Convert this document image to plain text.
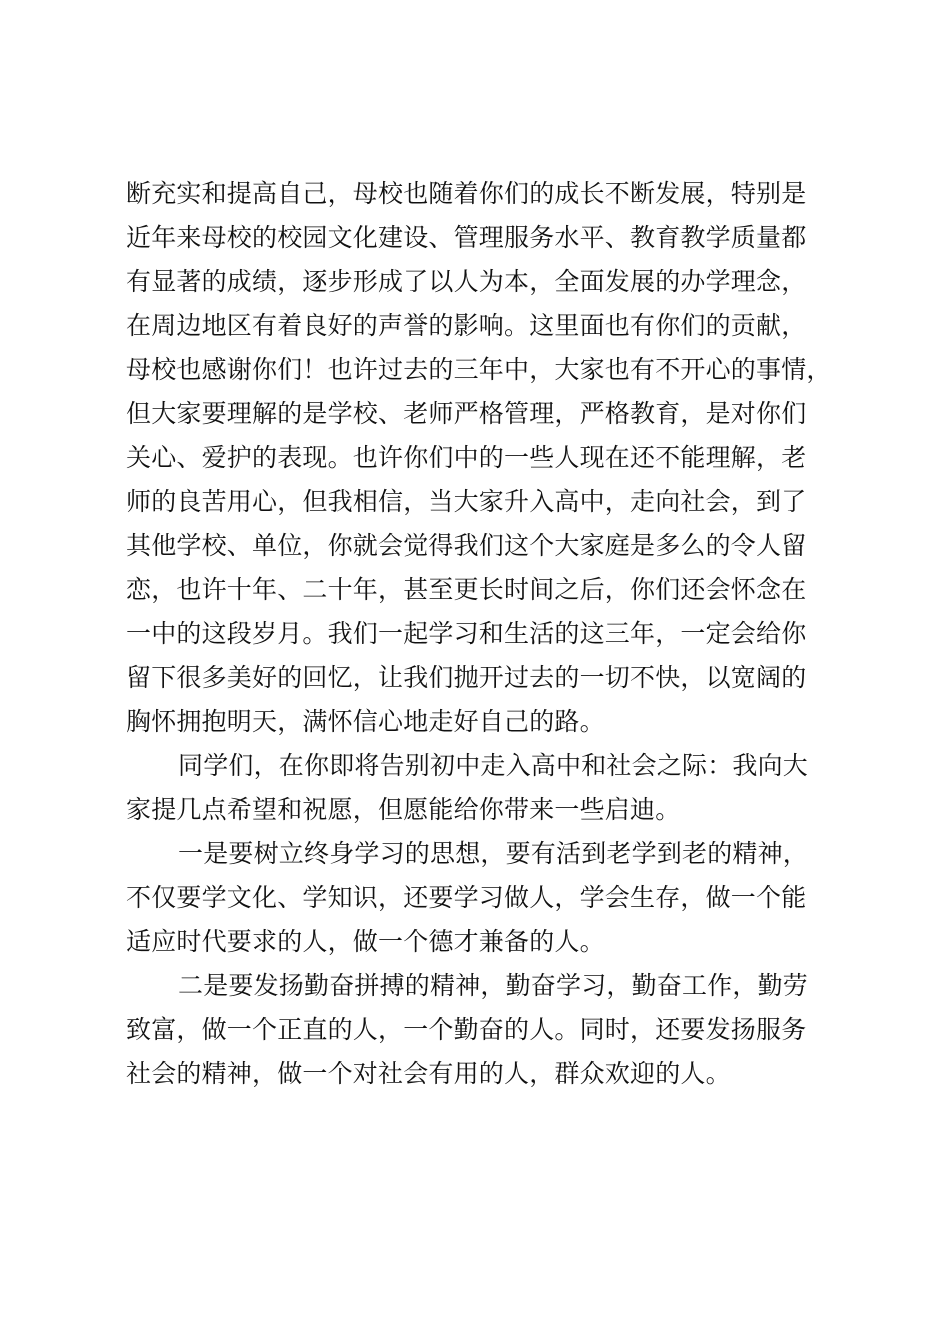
断充实和提高自己，母校也随着你们的成长不断发展，特别是
近年来母校的校园文化建设、管理服务水平、教育教学质量都
有显著的成绩，逐步形成了以人为本，全面发展的办学理念，
在周边地区有着良好的声誉的影响。这里面也有你们的贡献，
母校也感谢你们！也许过去的三年中，大家也有不开心的事情，
但大家要理解的是学校、老师严格管理，严格教育，是对你们
关心、爱护的表现。也许你们中的一些人现在还不能理解，老
师的良苦用心，但我相信，当大家升入高中，走向社会，到了
其他学校、单位，你就会觉得我们这个大家庭是多么的令人留
恋，也许十年、二十年，甚至更长时间之后，你们还会怀念在
一中的这段岁月。我们一起学习和生活的这三年，一定会给你
留下很多美好的回忆，让我们抛开过去的一切不快，以宽阔的
胸怀拥抱明天，满怀信心地走好自己的路。
同学们，在你即将告别初中走入高中和社会之际：我向大
家提几点希望和祝愿，但愿能给你带来一些启迪。
一是要树立终身学习的思想，要有活到老学到老的精神，
不仅要学文化、学知识，还要学习做人，学会生存，做一个能
适应时代要求的人，做一个德才兼备的人。
二是要发扬勤奋拼搏的精神，勤奋学习，勤奋工作，勤劳
致富，做一个正直的人，一个勤奋的人。同时，还要发扬服务
社会的精神，做一个对社会有用的人，群众欢迎的人。
